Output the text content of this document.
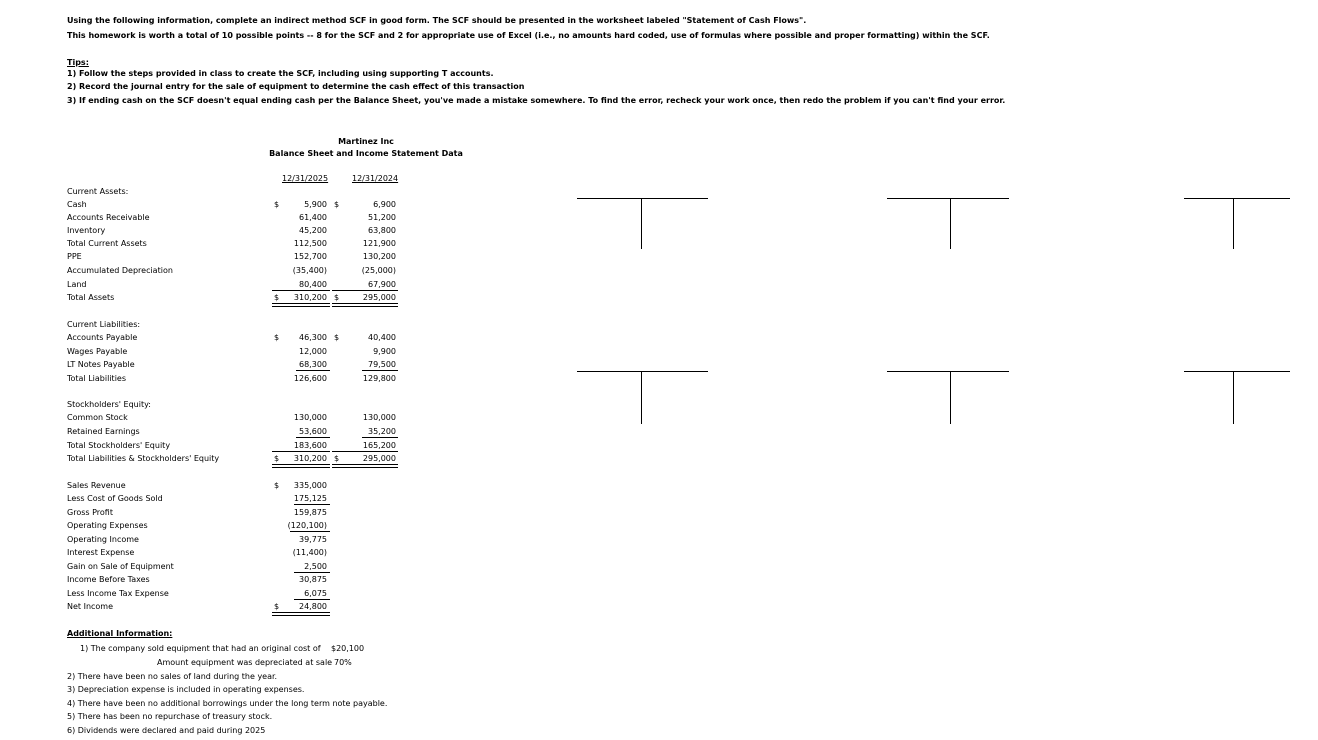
Using the following information, complete an indirect method SCF in good form. The SCF should be presented in the worksheet labeled "Statement of Cash Flows".
This homework is worth a total of 10 possible points -- 8 for the SCF and 2 for appropriate use of Excel (i.e., no amounts hard coded, use of formulas where possible and proper formatting) within the SCF.
Tips:
1) Follow the steps provided in class to create the SCF, including using supporting T accounts.
2) Record the journal entry for the sale of equipment to determine the cash effect of this transaction
3) If ending cash on the SCF doesn't equal ending cash per the Balance Sheet, you've made a mistake somewhere. To find the error, recheck your work once, then redo the problem if you can't find your error.
Martinez Inc
Balance Sheet and Income Statement Data
12/31/2025	12/31/2024
Current Assets:
Cash	$	5,900 $	6,900
Accounts Receivable	61,400	51,200
Inventory	45,200	63,800
Total Current Assets	112,500	121,900
PPE	152,700	130,200
Accumulated Depreciation	(35,400)	(25,000)
Land	80,400	67,900
Total Assets	$	310,200 $	295,000
Current Liabilities:
Accounts Payable	$	46,300 $	40,400
Wages Payable	12,000	9,900
LT Notes Payable	68,300	79,500
Total Liabilities	126,600	129,800
Stockholders' Equity:
Common Stock	130,000	130,000
Retained Earnings	53,600	35,200
Total Stockholders' Equity	183,600	165,200
Total Liabilities & Stockholders' Equity	$	310,200 $	295,000
Sales Revenue	$	335,000
Less Cost of Goods Sold	175,125
Gross Profit	159,875
Operating Expenses	(120,100)
Operating Income	39,775
Interest Expense	(11,400)
Gain on Sale of Equipment	2,500
Income Before Taxes	30,875
Less Income Tax Expense	6,075
Net Income	$	24,800
Additional Information:
1) The company sold equipment that had an original cost of $20,100
Amount equipment was depreciated at sale 70%
2) There have been no sales of land during the year.
3) Depreciation expense is included in operating expenses.
4) There have been no additional borrowings under the long term note payable.
5) There has been no repurchase of treasury stock.
6) Dividends were declared and paid during 2025
